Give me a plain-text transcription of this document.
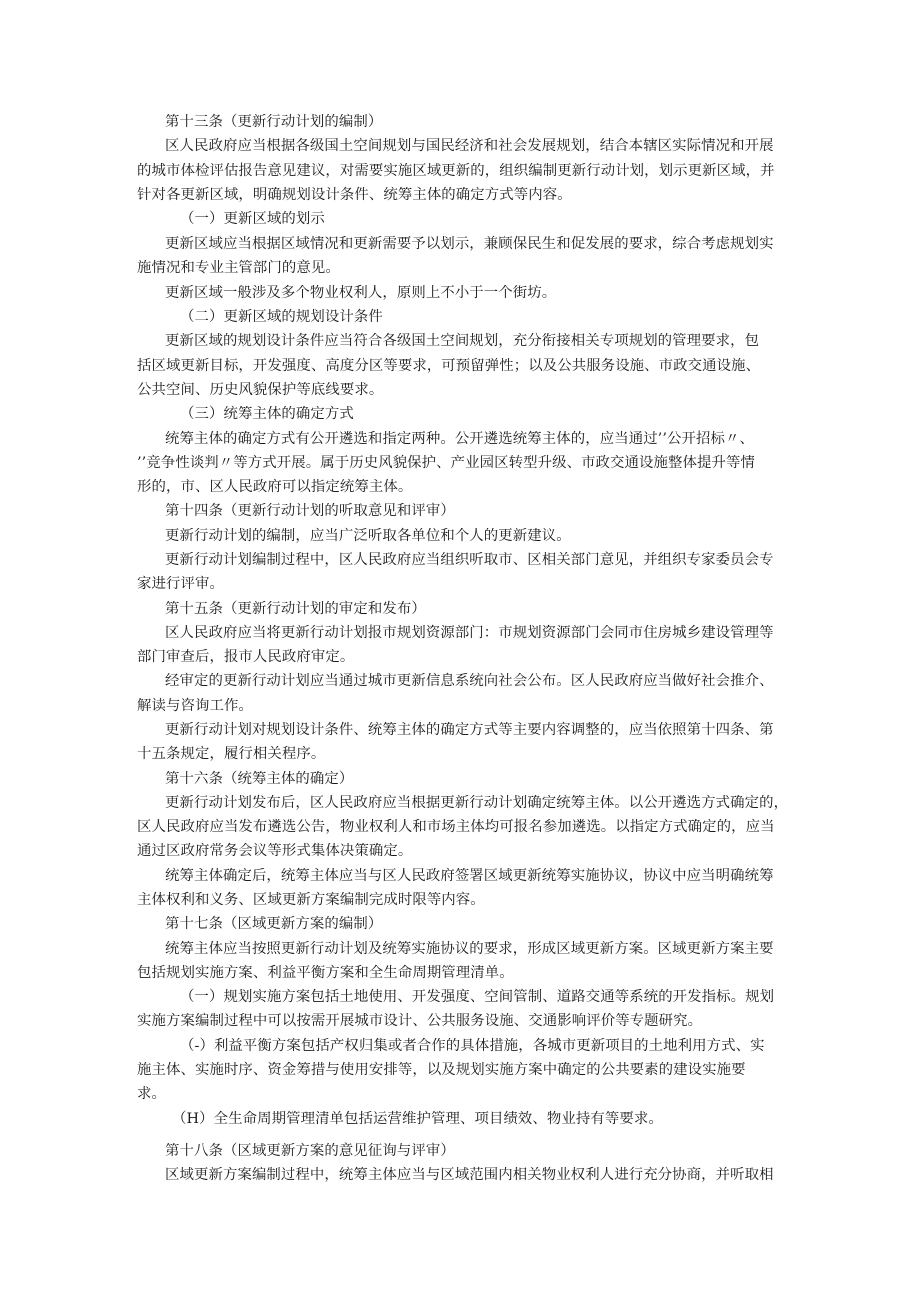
第十三条（更新行动计划的编制）
区人民政府应当根据各级国土空间规划与国民经济和社会发展规划，结合本辖区实际情况和开展
的城市体检评估报告意见建议，对需要实施区域更新的，组织编制更新行动计划，划示更新区域，并
针对各更新区域，明确规划设计条件、统筹主体的确定方式等内容。
（一）更新区域的划示
更新区域应当根据区域情况和更新需要予以划示，兼顾保民生和促发展的要求，综合考虑规划实
施情况和专业主管部门的意见。
更新区域一般涉及多个物业权利人，原则上不小于一个街坊。
（二）更新区域的规划设计条件
更新区域的规划设计条件应当符合各级国土空间规划，充分衔接相关专项规划的管理要求，包
括区域更新目标，开发强度、高度分区等要求，可预留弹性；以及公共服务设施、市政交通设施、
公共空间、历史风貌保护等底线要求。
（三）统筹主体的确定方式
统筹主体的确定方式有公开遴选和指定两种。公开遴选统筹主体的，应当通过’’公开招标〃、
’’竞争性谈判〃等方式开展。属于历史风貌保护、产业园区转型升级、市政交通设施整体提升等情
形的，市、区人民政府可以指定统筹主体。
第十四条（更新行动计划的听取意见和评审）
更新行动计划的编制，应当广泛听取各单位和个人的更新建议。
更新行动计划编制过程中，区人民政府应当组织听取市、区相关部门意见，并组织专家委员会专
家进行评审。
第十五条（更新行动计划的审定和发布）
区人民政府应当将更新行动计划报市规划资源部门：市规划资源部门会同市住房城乡建设管理等
部门审查后，报市人民政府审定。
经审定的更新行动计划应当通过城市更新信息系统向社会公布。区人民政府应当做好社会推介、
解读与咨询工作。
更新行动计划对规划设计条件、统筹主体的确定方式等主要内容调整的，应当依照第十四条、第
十五条规定，履行相关程序。
第十六条（统筹主体的确定）
更新行动计划发布后，区人民政府应当根据更新行动计划确定统筹主体。以公开遴选方式确定的，
区人民政府应当发布遴选公告，物业权利人和市场主体均可报名参加遴选。以指定方式确定的，应当
通过区政府常务会议等形式集体决策确定。
统筹主体确定后，统筹主体应当与区人民政府签署区域更新统筹实施协议，协议中应当明确统筹
主体权利和义务、区域更新方案编制完成时限等内容。
第十七条（区域更新方案的编制）
统筹主体应当按照更新行动计划及统筹实施协议的要求，形成区域更新方案。区域更新方案主要
包括规划实施方案、利益平衡方案和全生命周期管理清单。
（一）规划实施方案包括土地使用、开发强度、空间管制、道路交通等系统的开发指标。规划
实施方案编制过程中可以按需开展城市设计、公共服务设施、交通影响评价等专题研究。
（-）利益平衡方案包括产权归集或者合作的具体措施，各城市更新项目的土地利用方式、实
施主体、实施时序、资金筹措与使用安排等，以及规划实施方案中确定的公共要素的建设实施要
求。
（H）全生命周期管理清单包括运营维护管理、项目绩效、物业持有等要求。
第十八条（区域更新方案的意见征询与评审）
区域更新方案编制过程中，统筹主体应当与区域范围内相关物业权利人进行充分协商，并听取相
